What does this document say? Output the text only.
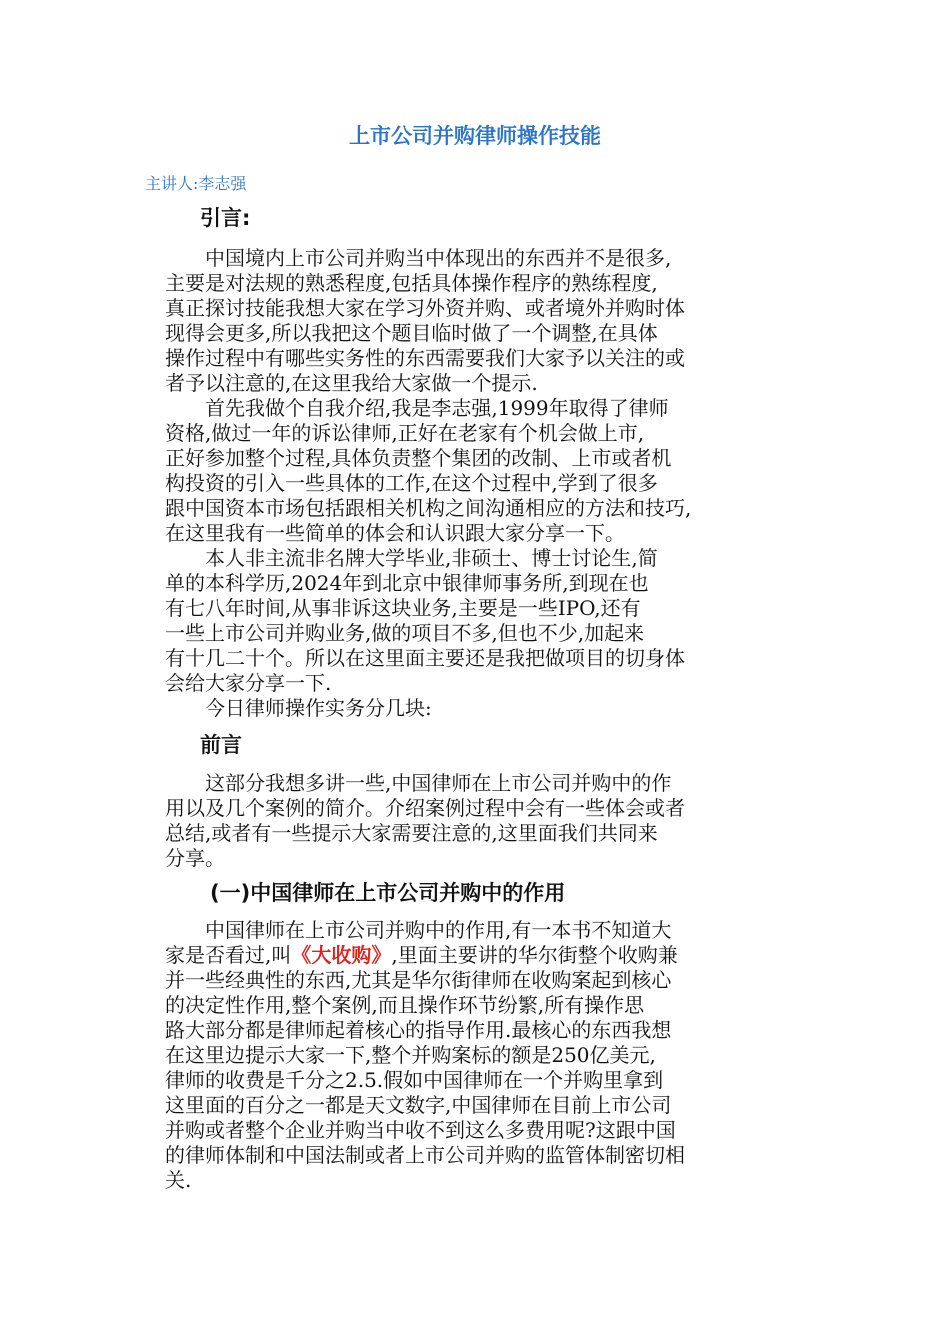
上市公司并购律师操作技能
主讲人:李志强
引言:
中国境内上市公司并购当中体现出的东西并不是很多,
主要是对法规的熟悉程度,包括具体操作程序的熟练程度,
真正探讨技能我想大家在学习外资并购、或者境外并购时体
现得会更多,所以我把这个题目临时做了一个调整,在具体
操作过程中有哪些实务性的东西需要我们大家予以关注的或
者予以注意的,在这里我给大家做一个提示.
首先我做个自我介绍,我是李志强,1999年取得了律师
资格,做过一年的诉讼律师,正好在老家有个机会做上市,
正好参加整个过程,具体负责整个集团的改制、上市或者机
构投资的引入一些具体的工作,在这个过程中,学到了很多
跟中国资本市场包括跟相关机构之间沟通相应的方法和技巧,
在这里我有一些简单的体会和认识跟大家分享一下。
本人非主流非名牌大学毕业,非硕士、博士讨论生,简
单的本科学历,2024年到北京中银律师事务所,到现在也
有七八年时间,从事非诉这块业务,主要是一些IPO,还有
一些上市公司并购业务,做的项目不多,但也不少,加起来
有十几二十个。所以在这里面主要还是我把做项目的切身体
会给大家分享一下.
今日律师操作实务分几块:
前言
这部分我想多讲一些,中国律师在上市公司并购中的作
用以及几个案例的简介。介绍案例过程中会有一些体会或者
总结,或者有一些提示大家需要注意的,这里面我们共同来
分享。
(一)中国律师在上市公司并购中的作用
中国律师在上市公司并购中的作用,有一本书不知道大
家是否看过,叫《大收购》,里面主要讲的华尔街整个收购兼
并一些经典性的东西,尤其是华尔街律师在收购案起到核心
的决定性作用,整个案例,而且操作环节纷繁,所有操作思
路大部分都是律师起着核心的指导作用.最核心的东西我想
在这里边提示大家一下,整个并购案标的额是250亿美元,
律师的收费是千分之2.5.假如中国律师在一个并购里拿到
这里面的百分之一都是天文数字,中国律师在目前上市公司
并购或者整个企业并购当中收不到这么多费用呢?这跟中国
的律师体制和中国法制或者上市公司并购的监管体制密切相
关.
